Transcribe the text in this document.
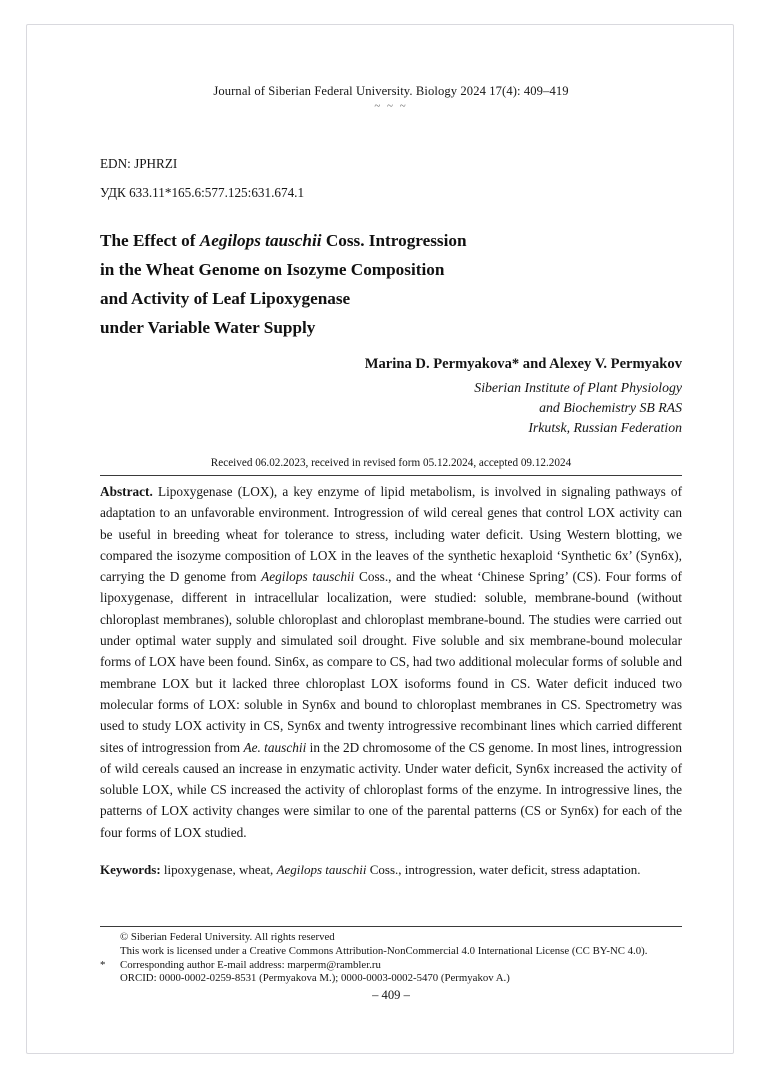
Journal of Siberian Federal University. Biology 2024 17(4): 409–419
~ ~ ~
EDN: JPHRZI
УДК 633.11*165.6:577.125:631.674.1
The Effect of Aegilops tauschii Coss. Introgression
in the Wheat Genome on Isozyme Composition
and Activity of Leaf Lipoxygenase
under Variable Water Supply
Marina D. Permyakova* and Alexey V. Permyakov
Siberian Institute of Plant Physiology
and Biochemistry SB RAS
Irkutsk, Russian Federation
Received 06.02.2023, received in revised form 05.12.2024, accepted 09.12.2024

Abstract. Lipoxygenase (LOX), a key enzyme of lipid metabolism, is involved in signaling pathways of adaptation to an unfavorable environment. Introgression of wild cereal genes that control LOX activity can be useful in breeding wheat for tolerance to stress, including water deficit. Using Western blotting, we compared the isozyme composition of LOX in the leaves of the synthetic hexaploid ‘Synthetic 6x’ (Syn6x), carrying the D genome from Aegilops tauschii Coss., and the wheat ‘Chinese Spring’ (CS). Four forms of lipoxygenase, different in intracellular localization, were studied: soluble, membrane-bound (without chloroplast membranes), soluble chloroplast and chloroplast membrane-bound. The studies were carried out under optimal water supply and simulated soil drought. Five soluble and six membrane-bound molecular forms of LOX have been found. Sin6x, as compare to CS, had two additional molecular forms of soluble and membrane LOX but it lacked three chloroplast LOX isoforms found in CS. Water deficit induced two molecular forms of LOX: soluble in Syn6x and bound to chloroplast membranes in CS. Spectrometry was used to study LOX activity in CS, Syn6x and twenty introgressive recombinant lines which carried different sites of introgression from Ae. tauschii in the 2D chromosome of the CS genome. In most lines, introgression of wild cereals caused an increase in enzymatic activity. Under water deficit, Syn6x increased the activity of soluble LOX, while CS increased the activity of chloroplast forms of the enzyme. In introgressive lines, the patterns of LOX activity changes were similar to one of the parental patterns (CS or Syn6x) for each of the four forms of LOX studied.

Keywords: lipoxygenase, wheat, Aegilops tauschii Coss., introgression, water deficit, stress adaptation.

© Siberian Federal University. All rights reserved
This work is licensed under a Creative Commons Attribution-NonCommercial 4.0 International License (CC BY-NC 4.0).
*	Corresponding author E-mail address: marperm@rambler.ru
ORCID: 0000-0002-0259-8531 (Permyakova M.); 0000-0003-0002-5470 (Permyakov A.)
– 409 –
